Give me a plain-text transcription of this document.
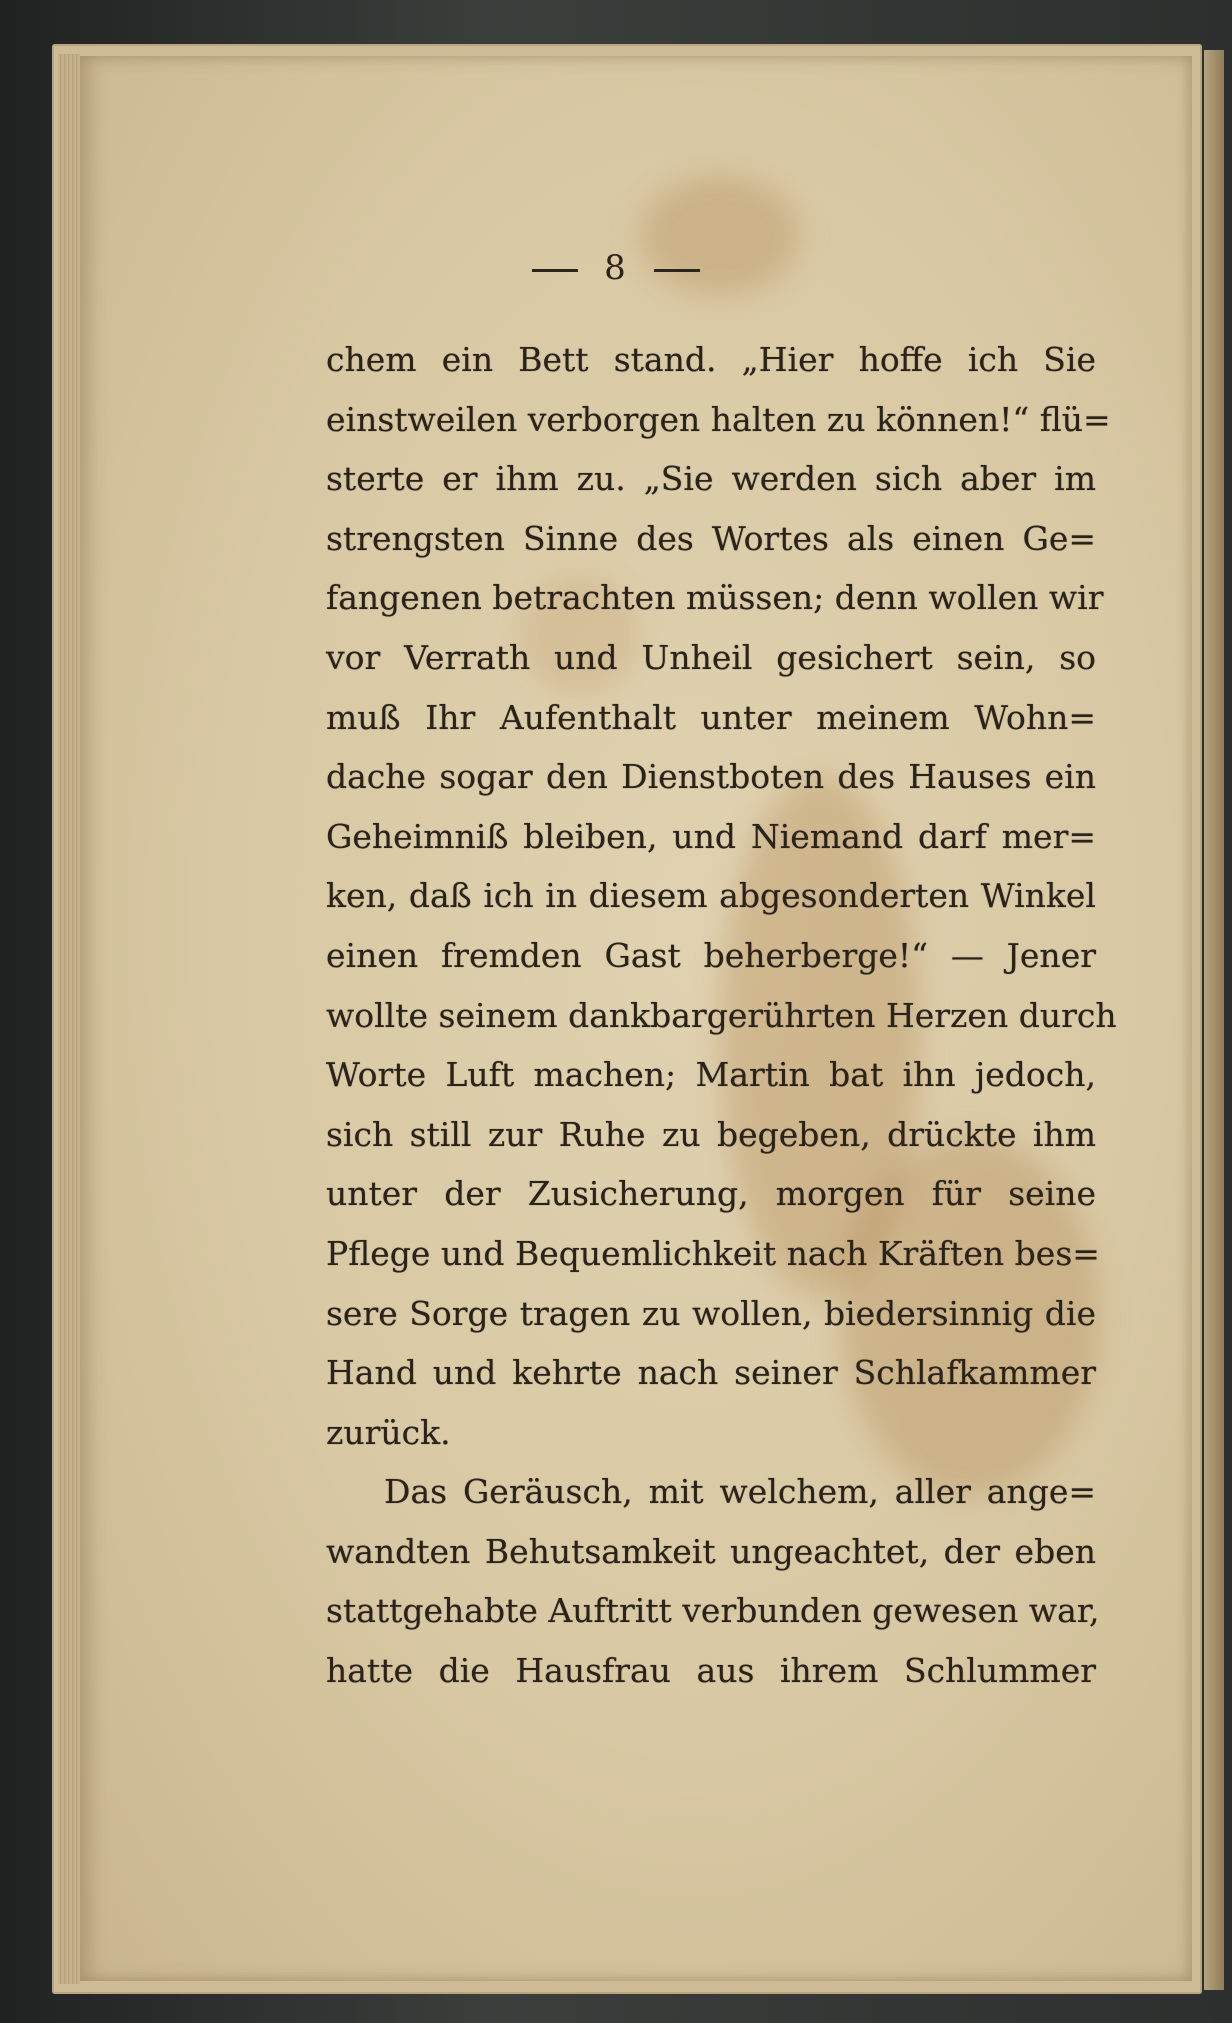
8
chem ein Bett stand. „Hier hoffe ich Sie
einstweilen verborgen halten zu können!“ flü=
sterte er ihm zu. „Sie werden sich aber im
strengsten Sinne des Wortes als einen Ge=
fangenen betrachten müssen; denn wollen wir
vor Verrath und Unheil gesichert sein, so
muß Ihr Aufenthalt unter meinem Wohn=
dache sogar den Dienstboten des Hauses ein
Geheimniß bleiben, und Niemand darf mer=
ken, daß ich in diesem abgesonderten Winkel
einen fremden Gast beherberge!“ — Jener
wollte seinem dankbargerührten Herzen durch
Worte Luft machen; Martin bat ihn jedoch,
sich still zur Ruhe zu begeben, drückte ihm
unter der Zusicherung, morgen für seine
Pflege und Bequemlichkeit nach Kräften bes=
sere Sorge tragen zu wollen, biedersinnig die
Hand und kehrte nach seiner Schlafkammer
zurück.
Das Geräusch, mit welchem, aller ange=
wandten Behutsamkeit ungeachtet, der eben
stattgehabte Auftritt verbunden gewesen war,
hatte die Hausfrau aus ihrem Schlummer
